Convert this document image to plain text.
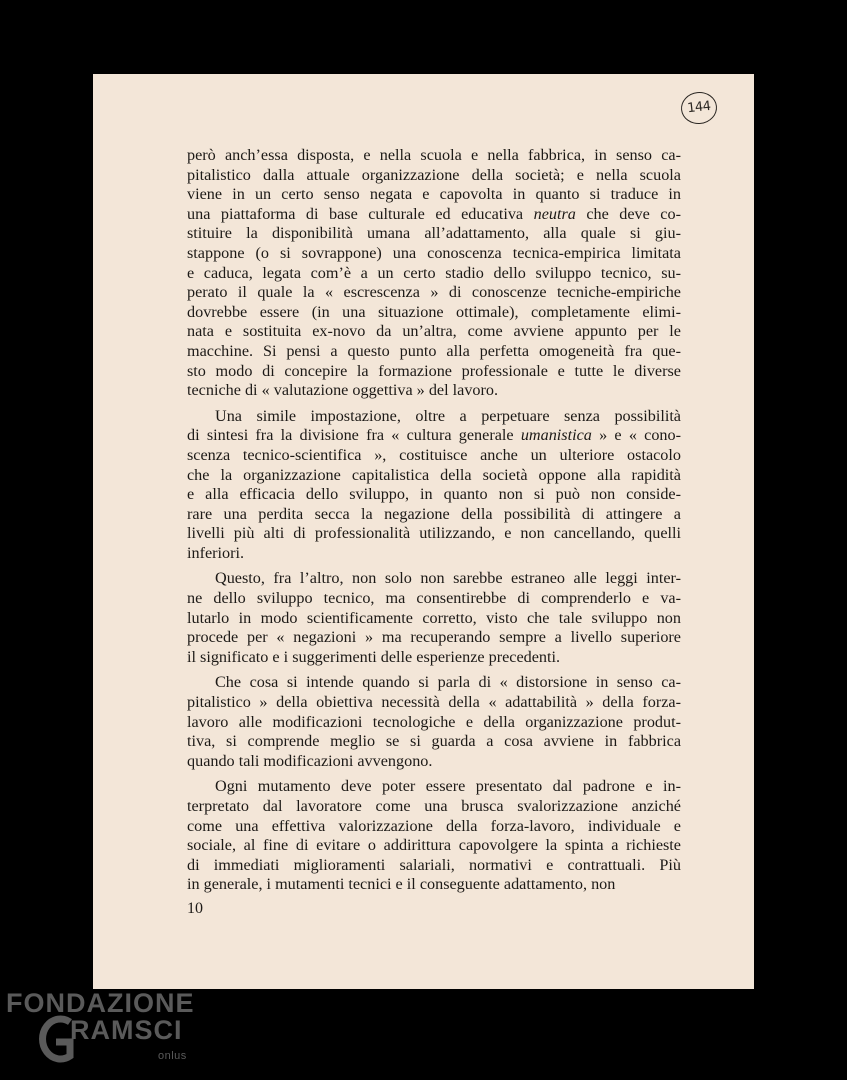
144
però anch’essa disposta, e nella scuola e nella fabbrica, in senso ca-
pitalistico dalla attuale organizzazione della società; e nella scuola
viene in un certo senso negata e capovolta in quanto si traduce in
una piattaforma di base culturale ed educativa neutra che deve co-
stituire la disponibilità umana all’adattamento, alla quale si giu-
stappone (o si sovrappone) una conoscenza tecnica-empirica limitata
e caduca, legata com’è a un certo stadio dello sviluppo tecnico, su-
perato il quale la « escrescenza » di conoscenze tecniche-empiriche
dovrebbe essere (in una situazione ottimale), completamente elimi-
nata e sostituita ex-novo da un’altra, come avviene appunto per le
macchine. Si pensi a questo punto alla perfetta omogeneità fra que-
sto modo di concepire la formazione professionale e tutte le diverse
tecniche di « valutazione oggettiva » del lavoro.
Una simile impostazione, oltre a perpetuare senza possibilità
di sintesi fra la divisione fra « cultura generale umanistica » e « cono-
scenza tecnico-scientifica », costituisce anche un ulteriore ostacolo
che la organizzazione capitalistica della società oppone alla rapidità
e alla efficacia dello sviluppo, in quanto non si può non conside-
rare una perdita secca la negazione della possibilità di attingere a
livelli più alti di professionalità utilizzando, e non cancellando, quelli
inferiori.
Questo, fra l’altro, non solo non sarebbe estraneo alle leggi inter-
ne dello sviluppo tecnico, ma consentirebbe di comprenderlo e va-
lutarlo in modo scientificamente corretto, visto che tale sviluppo non
procede per « negazioni » ma recuperando sempre a livello superiore
il significato e i suggerimenti delle esperienze precedenti.
Che cosa si intende quando si parla di « distorsione in senso ca-
pitalistico » della obiettiva necessità della « adattabilità » della forza-
lavoro alle modificazioni tecnologiche e della organizzazione produt-
tiva, si comprende meglio se si guarda a cosa avviene in fabbrica
quando tali modificazioni avvengono.
Ogni mutamento deve poter essere presentato dal padrone e in-
terpretato dal lavoratore come una brusca svalorizzazione anziché
come una effettiva valorizzazione della forza-lavoro, individuale e
sociale, al fine di evitare o addirittura capovolgere la spinta a richieste
di immediati miglioramenti salariali, normativi e contrattuali. Più
in generale, i mutamenti tecnici e il conseguente adattamento, non
10
FONDAZIONE
RAMSCI
onlus
